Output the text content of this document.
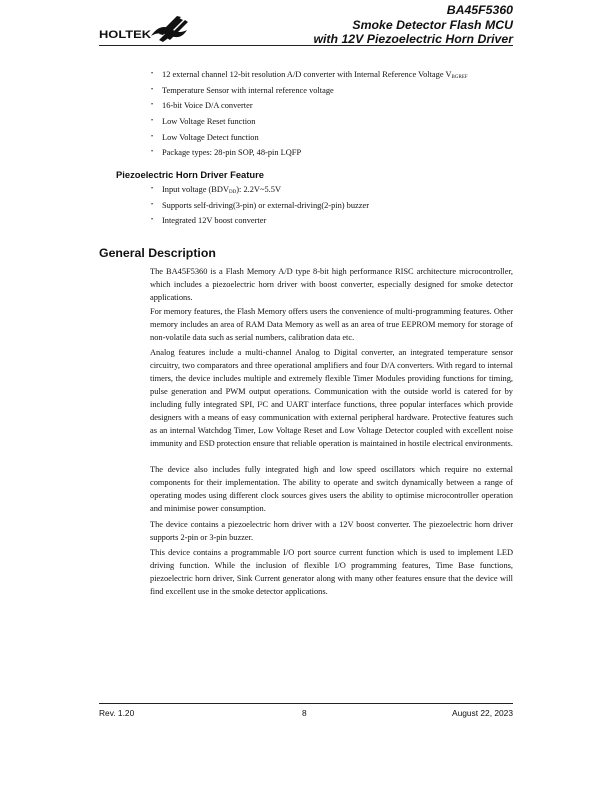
HOLTEK
BA45F5360
Smoke Detector Flash MCU
with 12V Piezoelectric Horn Driver
• 12 external channel 12-bit resolution A/D converter with Internal Reference Voltage $V_{BGREF}$
• Temperature Sensor with internal reference voltage
• 16-bit Voice D/A converter
• Low Voltage Reset function
• Low Voltage Detect function
• Package types: 28-pin SOP, 48-pin LQFP
Piezoelectric Horn Driver Feature
• Input voltage $(BDV_{DD})$: 2.2V~5.5V
• Supports self-driving(3-pin) or external-driving(2-pin) buzzer
• Integrated 12V boost converter
General Description

The BA45F5360 is a Flash Memory A/D type 8-bit high performance RISC architecture microcontroller, which includes a piezoelectric horn driver with boost converter, especially designed for smoke detector applications.

For memory features, the Flash Memory offers users the convenience of multi-programming features. Other memory includes an area of RAM Data Memory as well as an area of true EEPROM memory for storage of non-volatile data such as serial numbers, calibration data etc.

Analog features include a multi-channel Analog to Digital converter, an integrated temperature sensor circuitry, two comparators and three operational amplifiers and four D/A converters. With regard to internal timers, the device includes multiple and extremely flexible Timer Modules providing functions for timing, pulse generation and PWM output operations. Communication with the outside world is catered for by including fully integrated SPI, I²C and UART interface functions, three popular interfaces which provide designers with a means of easy communication with external peripheral hardware. Protective features such as an internal Watchdog Timer, Low Voltage Reset and Low Voltage Detector coupled with excellent noise immunity and ESD protection ensure that reliable operation is maintained in hostile electrical environments.

The device also includes fully integrated high and low speed oscillators which require no external components for their implementation. The ability to operate and switch dynamically between a range of operating modes using different clock sources gives users the ability to optimise microcontroller operation and minimise power consumption.

The device contains a piezoelectric horn driver with a 12V boost converter. The piezoelectric horn driver supports 2-pin or 3-pin buzzer.

This device contains a programmable I/O port source current function which is used to implement LED driving function. While the inclusion of flexible I/O programming features, Time Base functions, piezoelectric horn driver, Sink Current generator along with many other features ensure that the device will find excellent use in the smoke detector applications.

Rev. 1.20	8	August 22, 2023
